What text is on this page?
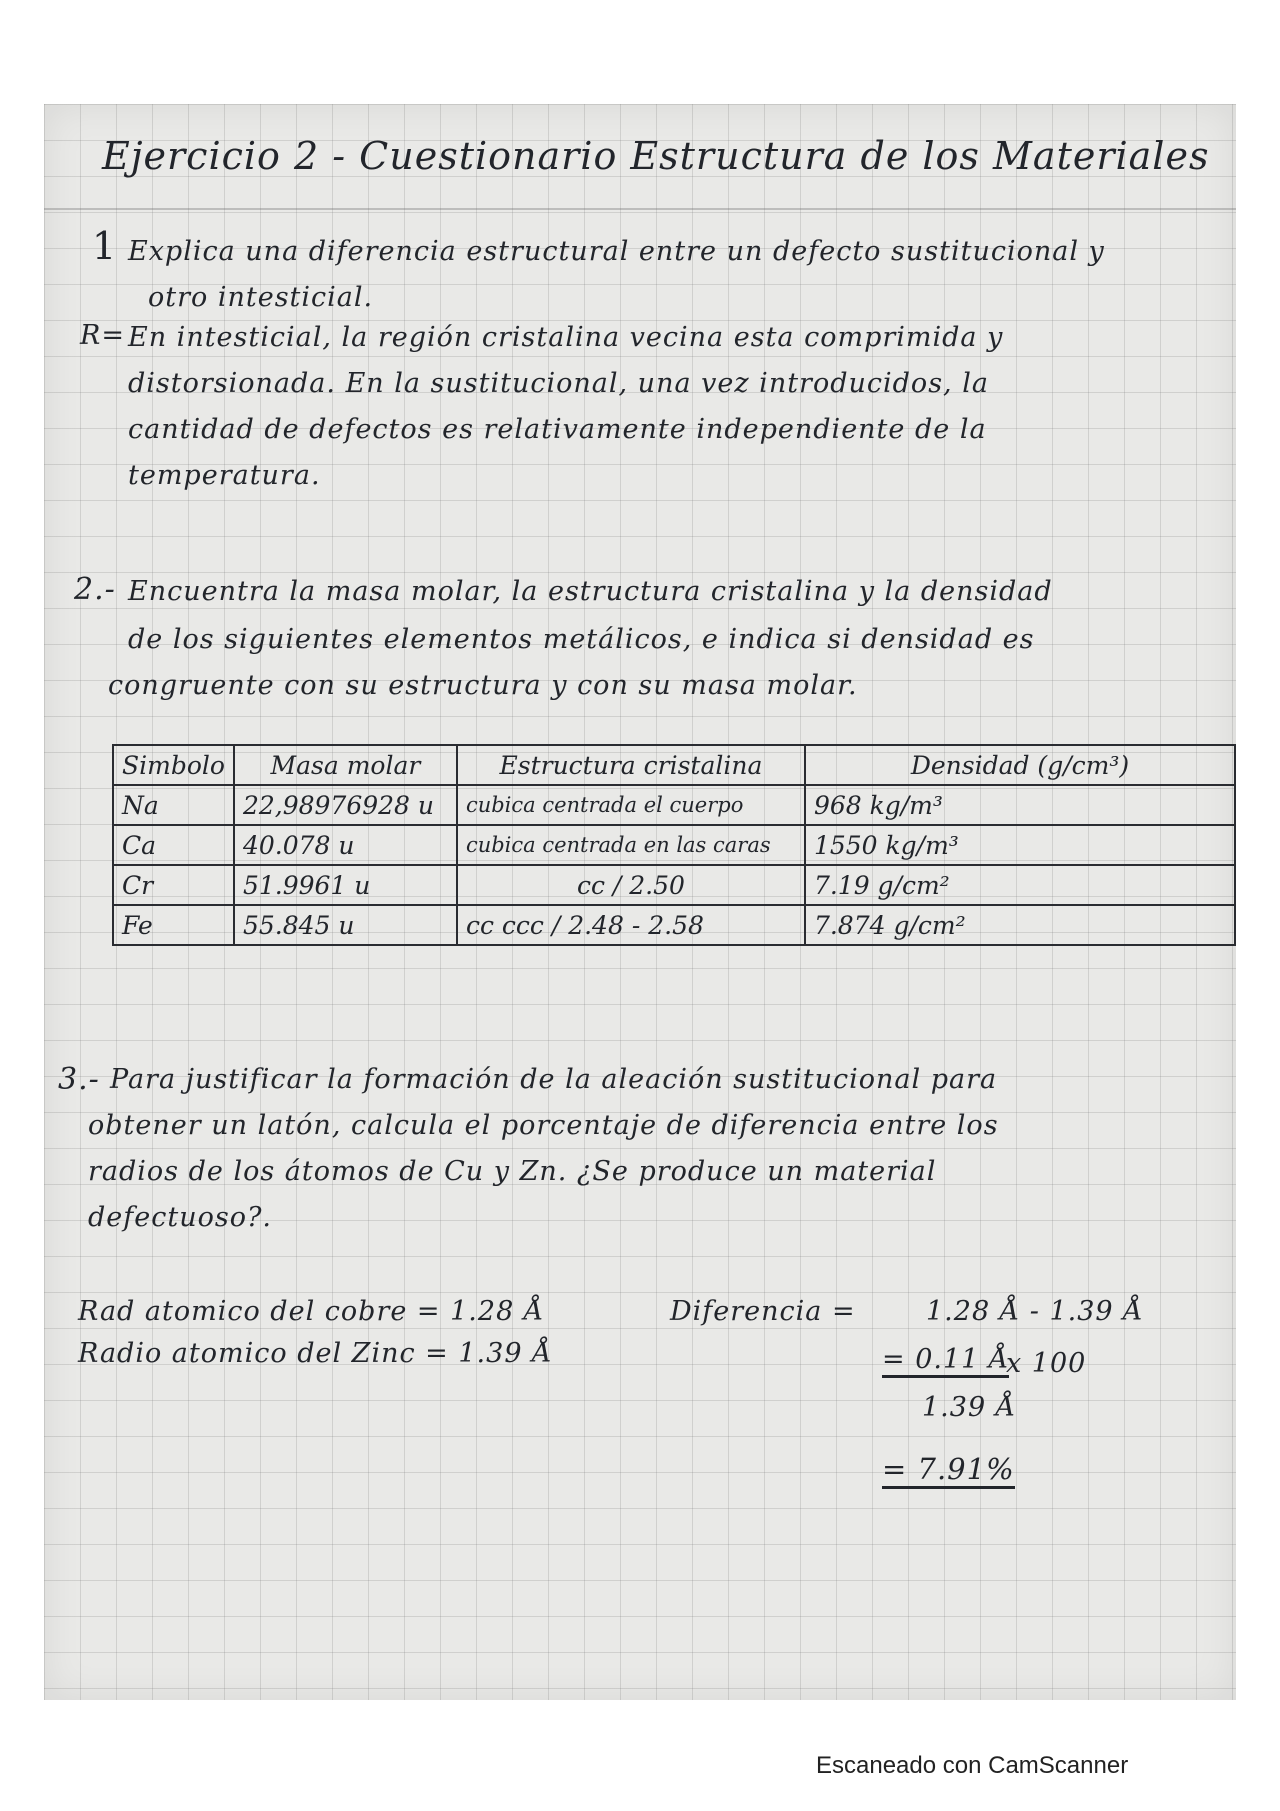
Ejercicio 2 - Cuestionario Estructura de los Materiales
1 Explica una diferencia estructural entre un defecto sustitucional y
otro intesticial.
R= En intesticial, la región cristalina vecina esta comprimida y
distorsionada. En la sustitucional, una vez introducidos, la
cantidad de defectos es relativamente independiente de la
temperatura.
2.- Encuentra la masa molar, la estructura cristalina y la densidad
de los siguientes elementos metálicos, e indica si densidad es
congruente con su estructura y con su masa molar.
Simbolo	Masa molar	Estructura cristalina	Densidad (g/cm³)
Na	22,98976928 u	cubica centrada el cuerpo	968 kg/m³
Ca	40.078 u	cubica centrada en las caras	1550 kg/m³
Cr	51.9961 u	cc / 2.50	7.19 g/cm²
Fe	55.845 u	cc ccc / 2.48 - 2.58	7.874 g/cm²
3.- Para justificar la formación de la aleación sustitucional para
obtener un latón, calcula el porcentaje de diferencia entre los
radios de los átomos de Cu y Zn. ¿Se produce un material
defectuoso?.
Rad atomico del cobre = 1.28 Å
Radio atomico del Zinc = 1.39 Å
Diferencia =	1.28 Å - 1.39 Å
= 0.11 Å
x 100
1.39 Å
= 7.91%
Escaneado con CamScanner
